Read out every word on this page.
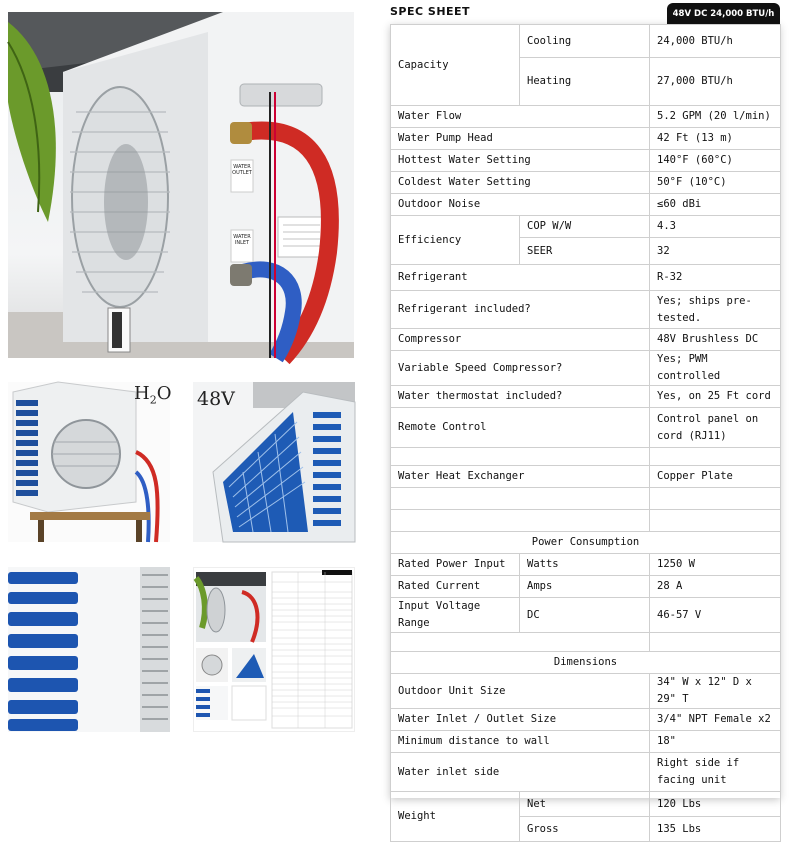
WATER OUTLET
WATER INLET
$H_2O$ 48V
SPEC SHEET	48V DC 24,000 BTU/h
Capacity	Cooling	24,000 BTU/h
	Heating	27,000 BTU/h
Water Flow		5.2 GPM (20 l/min)
Water Pump Head		42 Ft (13 m)
Hottest Water Setting		140°F (60°C)
Coldest Water Setting		50°F (10°C)
Outdoor Noise		≤60 dBi
Efficiency	COP W/W	4.3
	SEER	32
Refrigerant		R-32
Refrigerant included?		Yes; ships pre-tested.
Compressor		48V Brushless DC
Variable Speed Compressor?		Yes; PWM controlled
Water thermostat included?		Yes, on 25 Ft cord
Remote Control		Control panel on cord (RJ11)

Water Heat Exchanger		Copper Plate

Power Consumption		
Rated Power Input	Watts	1250 W
Rated Current	Amps	28 A
Input Voltage Range	DC	46-57 V

Dimensions		
Outdoor Unit Size		34" W x 12" D x 29" T
Water Inlet / Outlet Size		3/4" NPT Female x2
Minimum distance to wall		18"
Water inlet side		Right side if facing unit
Weight	Net	120 Lbs
	Gross	135 Lbs
